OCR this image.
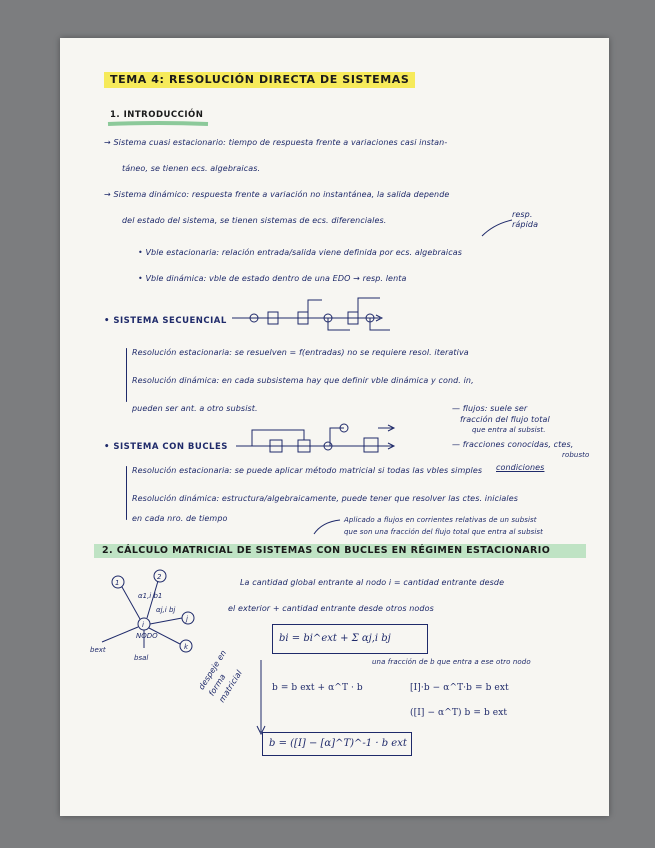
TEMA 4: RESOLUCIÓN DIRECTA DE SISTEMAS
1. INTRODUCCIÓN
→ Sistema cuasi estacionario: tiempo de respuesta frente a variaciones casi instan-
táneo, se tienen ecs. algebraicas.
→ Sistema dinámico: respuesta frente a variación no instantánea, la salida depende
del estado del sistema, se tienen sistemas de ecs. diferenciales.
resp.
rápida
• Vble estacionaria: relación entrada/salida viene definida por ecs. algebraicas
• Vble dinámica: vble de estado dentro de una EDO → resp. lenta
• SISTEMA SECUENCIAL
Resolución estacionaria: se resuelven = f(entradas) no se requiere resol. iterativa
Resolución dinámica: en cada subsistema hay que definir vble dinámica y cond. in,
pueden ser ant. a otro subsist.	— flujos: suele ser
fracción del flujo total
que entra al subsist.
— fracciones conocidas, ctes,
robusto
• SISTEMA CON BUCLES
condiciones
Resolución estacionaria: se puede aplicar método matricial si todas las vbles simples
Resolución dinámica: estructura/algebraicamente, puede tener que resolver las ctes. iniciales
en cada nro. de tiempo	Aplicado a flujos en corrientes relativas de un subsist
que son una fracción del flujo total que entra al subsist
2. CÁLCULO MATRICIAL DE SISTEMAS CON BUCLES EN RÉGIMEN ESTACIONARIO
1
2
i
j
k
α1,i b1
αj,i bj
bext
bsal
NODO
La cantidad global entrante al nodo i = cantidad entrante desde
el exterior + cantidad entrante desde otros nodos
bi = bi^ext + Σ αj,i bj
una fracción de b que entra a ese otro nodo
despeje en forma matricial	b = b ext + α^T · b	[I]·b − α^T·b = b ext
([I] − α^T) b = b ext
b = ([I] − [α]^T)^-1 · b ext
